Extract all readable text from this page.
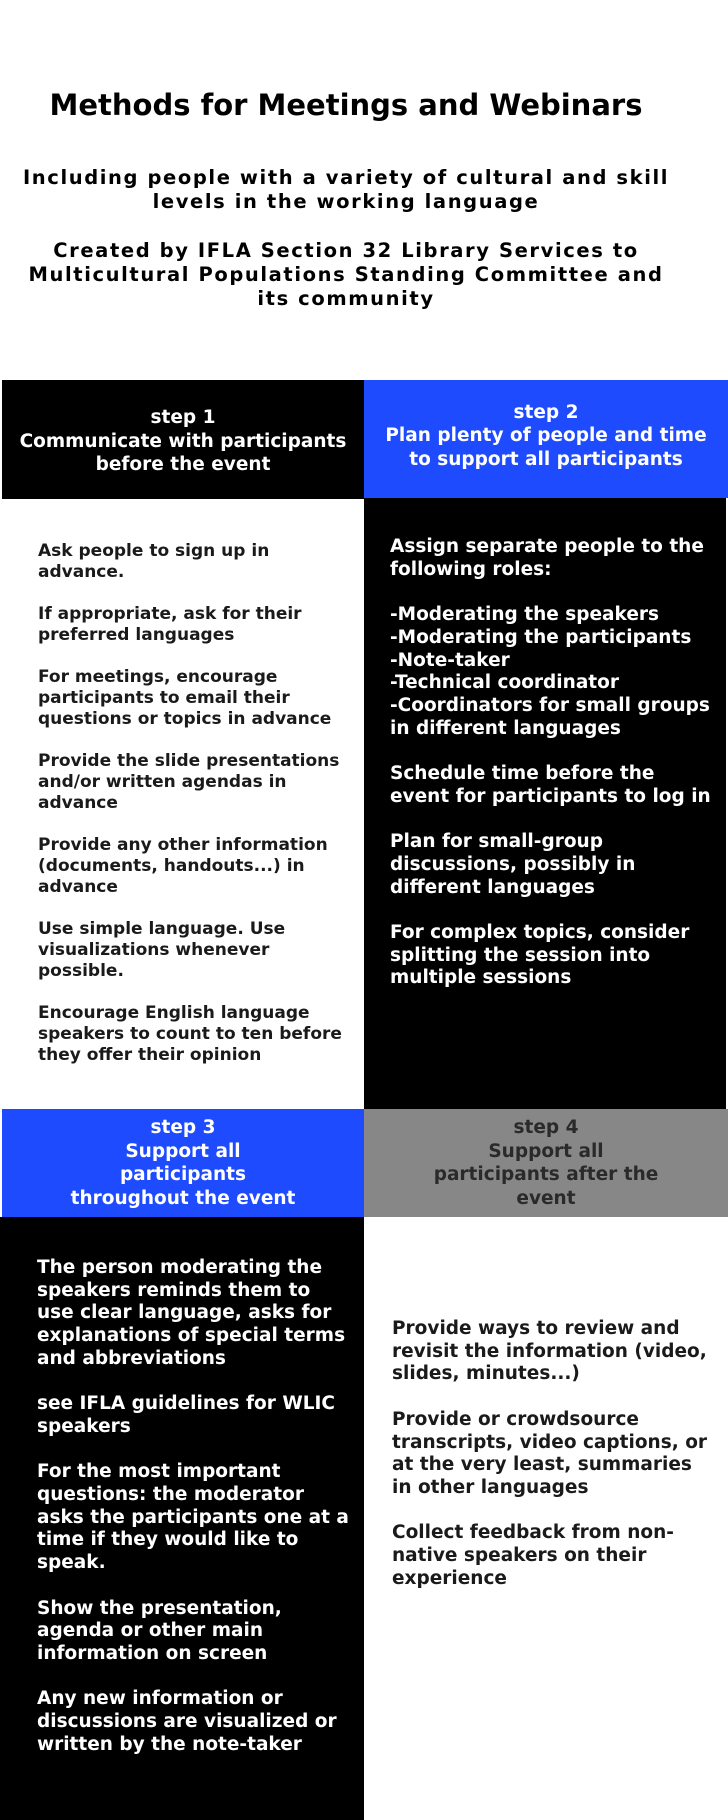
Methods for Meetings and Webinars
Including people with a variety of cultural and skill levels in the working language
Created by IFLA Section 32 Library Services to Multicultural Populations Standing Committee and its community
step 1
Communicate with participants before the event
step 2
Plan plenty of people and time to support all participants

Ask people to sign up in advance.

If appropriate, ask for their preferred languages

For meetings, encourage participants to email their questions or topics in advance

Provide the slide presentations and/or written agendas in advance

Provide any other information (documents, handouts...) in advance

Use simple language. Use visualizations whenever possible.

Encourage English language speakers to count to ten before they offer their opinion

Assign separate people to the following roles:

-Moderating the speakers
-Moderating the participants
-Note-taker
-Technical coordinator
-Coordinators for small groups in different languages

Schedule time before the event for participants to log in

Plan for small-group discussions, possibly in different languages

For complex topics, consider splitting the session into multiple sessions

step 3
Support all participants throughout the event
step 4
Support all participants after the event

The person moderating the speakers reminds them to use clear language, asks for explanations of special terms and abbreviations

see IFLA guidelines for WLIC speakers

For the most important questions: the moderator asks the participants one at a time if they would like to speak.

Show the presentation, agenda or other main information on screen

Any new information or discussions are visualized or written by the note-taker

Provide ways to review and revisit the information (video, slides, minutes...)

Provide or crowdsource transcripts, video captions, or at the very least, summaries in other languages

Collect feedback from non-native speakers on their experience
